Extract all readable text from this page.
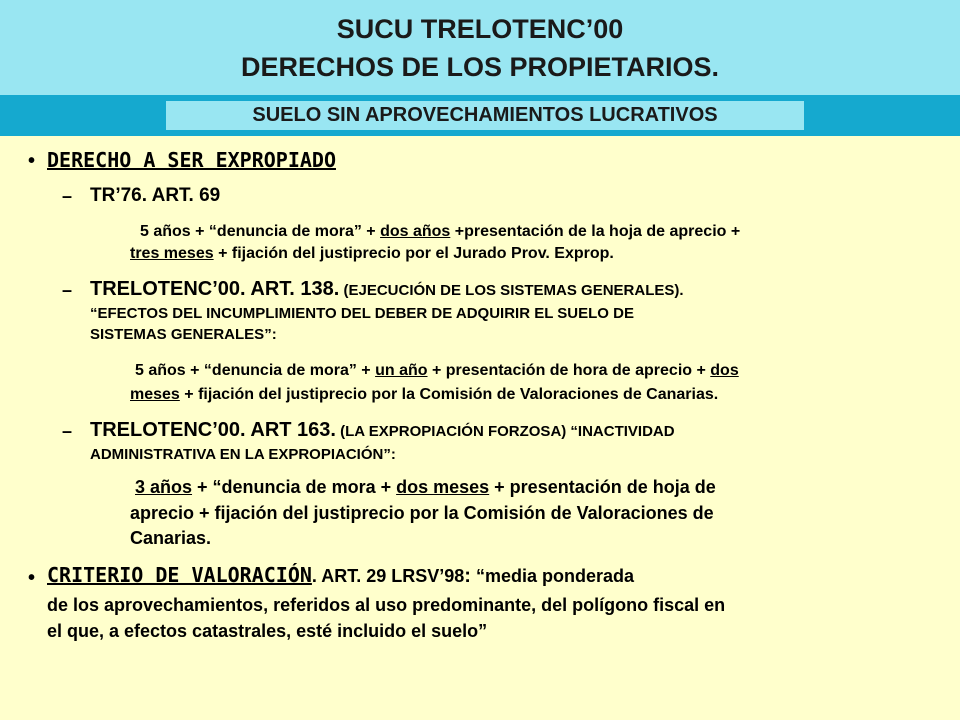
SUCU TRELOTENC’00
DERECHOS DE LOS PROPIETARIOS.
SUELO SIN APROVECHAMIENTOS LUCRATIVOS
• DERECHO A SER EXPROPIADO
– TR’76. ART. 69
5 años + “denuncia de mora” + dos años +presentación de la hoja de aprecio +
tres meses + fijación del justiprecio por el Jurado Prov. Exprop.
– TRELOTENC’00. ART. 138. (EJECUCIÓN DE LOS SISTEMAS GENERALES).
“EFECTOS DEL INCUMPLIMIENTO DEL DEBER DE ADQUIRIR EL SUELO DE
SISTEMAS GENERALES”:
5 años + “denuncia de mora” + un año + presentación de hora de aprecio + dos
meses + fijación del justiprecio por la Comisión de Valoraciones de Canarias.
– TRELOTENC’00. ART 163. (LA EXPROPIACIÓN FORZOSA) “INACTIVIDAD
ADMINISTRATIVA EN LA EXPROPIACIÓN”:
3 años + “denuncia de mora + dos meses + presentación de hoja de
aprecio + fijación del justiprecio por la Comisión de Valoraciones de
Canarias.
• CRITERIO DE VALORACIÓN. ART. 29 LRSV’98: “media ponderada
de los aprovechamientos, referidos al uso predominante, del polígono fiscal en
el que, a efectos catastrales, esté incluido el suelo”
